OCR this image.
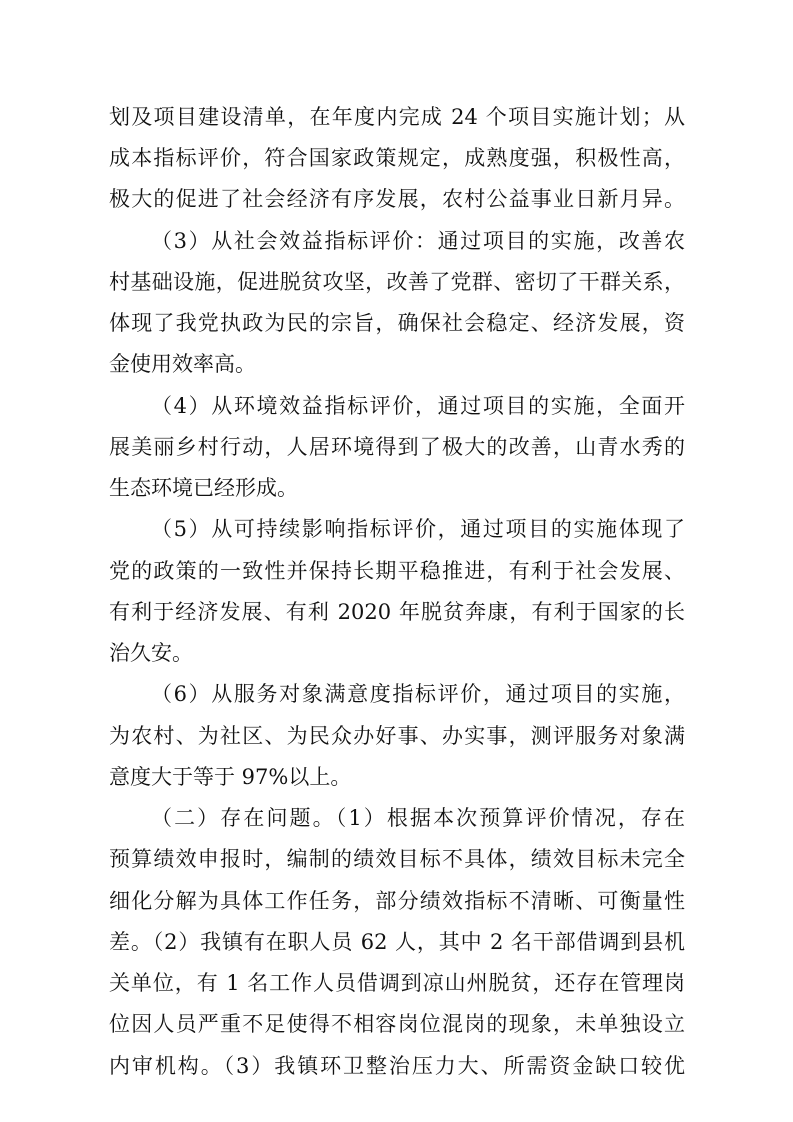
划及项目建设清单，在年度内完成 24 个项目实施计划；从
成本指标评价，符合国家政策规定，成熟度强，积极性高，
极大的促进了社会经济有序发展，农村公益事业日新月异。
（3）从社会效益指标评价：通过项目的实施，改善农
村基础设施，促进脱贫攻坚，改善了党群、密切了干群关系，
体现了我党执政为民的宗旨，确保社会稳定、经济发展，资
金使用效率高。
（4）从环境效益指标评价，通过项目的实施，全面开
展美丽乡村行动，人居环境得到了极大的改善，山青水秀的
生态环境已经形成。
（5）从可持续影响指标评价，通过项目的实施体现了
党的政策的一致性并保持长期平稳推进，有利于社会发展、
有利于经济发展、有利 2020 年脱贫奔康，有利于国家的长
治久安。
（6）从服务对象满意度指标评价，通过项目的实施，
为农村、为社区、为民众办好事、办实事，测评服务对象满
意度大于等于 97%以上。
（二）存在问题。（1）根据本次预算评价情况，存在
预算绩效申报时，编制的绩效目标不具体，绩效目标未完全
细化分解为具体工作任务，部分绩效指标不清晰、可衡量性
差。（2）我镇有在职人员 62 人，其中 2 名干部借调到县机
关单位，有 1 名工作人员借调到凉山州脱贫，还存在管理岗
位因人员严重不足使得不相容岗位混岗的现象，未单独设立
内审机构。（3）我镇环卫整治压力大、所需资金缺口较优
